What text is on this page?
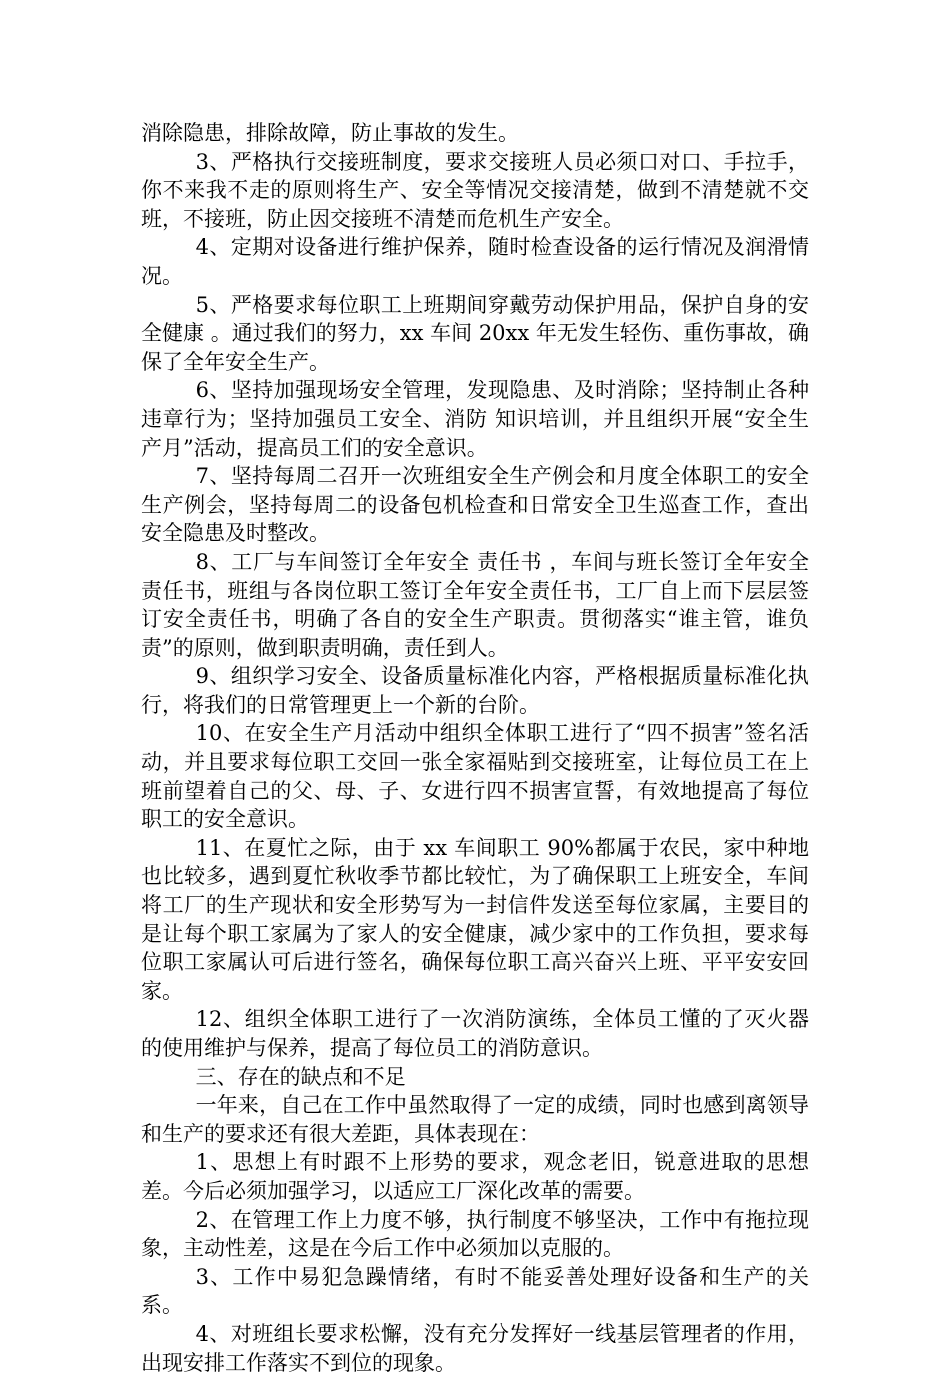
消除隐患，排除故障，防止事故的发生。

3、严格执行交接班制度，要求交接班人员必须口对口、手拉手，你不来我不走的原则将生产、安全等情况交接清楚，做到不清楚就不交班，不接班，防止因交接班不清楚而危机生产安全。

4、定期对设备进行维护保养，随时检查设备的运行情况及润滑情况。

5、严格要求每位职工上班期间穿戴劳动保护用品，保护自身的安全健康 。通过我们的努力，xx 车间 20xx 年无发生轻伤、重伤事故，确保了全年安全生产。

6、坚持加强现场安全管理，发现隐患、及时消除；坚持制止各种违章行为；坚持加强员工安全、消防 知识培训，并且组织开展“安全生产月”活动，提高员工们的安全意识。

7、坚持每周二召开一次班组安全生产例会和月度全体职工的安全生产例会，坚持每周二的设备包机检查和日常安全卫生巡查工作，查出安全隐患及时整改。

8、工厂与车间签订全年安全 责任书 ，车间与班长签订全年安全责任书，班组与各岗位职工签订全年安全责任书，工厂自上而下层层签订安全责任书，明确了各自的安全生产职责。贯彻落实“谁主管，谁负责”的原则，做到职责明确，责任到人。

9、组织学习安全、设备质量标准化内容，严格根据质量标准化执行，将我们的日常管理更上一个新的台阶。

10、在安全生产月活动中组织全体职工进行了“四不损害”签名活动，并且要求每位职工交回一张全家福贴到交接班室，让每位员工在上班前望着自己的父、母、子、女进行四不损害宣誓，有效地提高了每位职工的安全意识。

11、在夏忙之际，由于 xx 车间职工 90%都属于农民，家中种地也比较多，遇到夏忙秋收季节都比较忙，为了确保职工上班安全，车间将工厂的生产现状和安全形势写为一封信件发送至每位家属，主要目的是让每个职工家属为了家人的安全健康，减少家中的工作负担，要求每位职工家属认可后进行签名，确保每位职工高兴奋兴上班、平平安安回家。

12、组织全体职工进行了一次消防演练，全体员工懂的了灭火器的使用维护与保养，提高了每位员工的消防意识。

三、存在的缺点和不足

一年来，自己在工作中虽然取得了一定的成绩，同时也感到离领导和生产的要求还有很大差距，具体表现在：

1、思想上有时跟不上形势的要求，观念老旧，锐意进取的思想差。今后必须加强学习，以适应工厂深化改革的需要。

2、在管理工作上力度不够，执行制度不够坚决，工作中有拖拉现象，主动性差，这是在今后工作中必须加以克服的。

3、工作中易犯急躁情绪，有时不能妥善处理好设备和生产的关系。

4、对班组长要求松懈，没有充分发挥好一线基层管理者的作用，出现安排工作落实不到位的现象。
